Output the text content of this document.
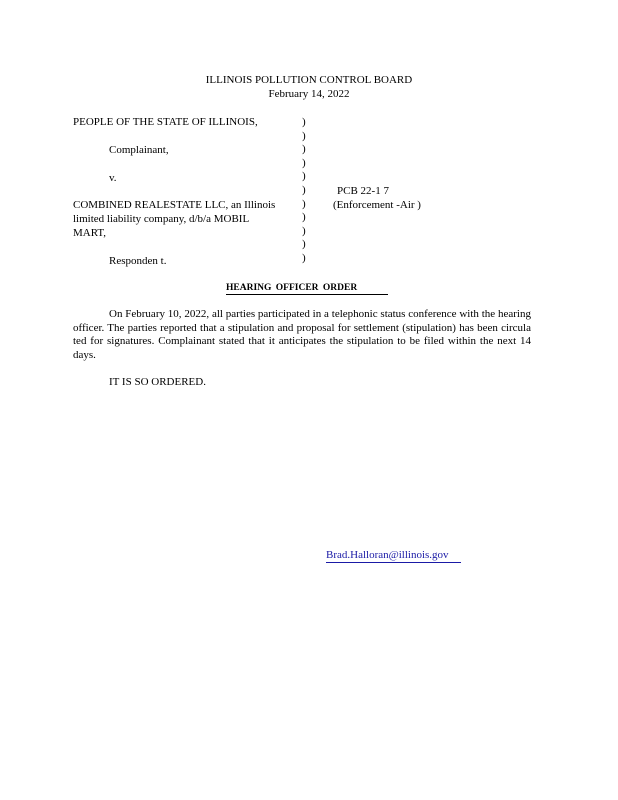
ILLINOIS POLLUTION CONTROL BOARD
February 14, 2022
PEOPLE OF THE STATE OF ILLINOIS,
Complainant,
v.
COMBINED REALESTATE LLC, an Illinois
limited liability company, d/b/a MOBIL
MART,
Responden t.
)
)
)
)
)
)
)
)
)
)
)
PCB 22-1 7
(Enforcement -Air )
HEARING OFFICER ORDER
On February 10, 2022, all parties participated in a telephonic status conference with the hearing officer. The parties reported that a stipulation and proposal for settlement (stipulation) has been circula ted for signatures. Complainant stated that it anticipates the stipulation to be filed within the next 14 days.
IT IS SO ORDERED.
Brad.Halloran@illinois.gov
